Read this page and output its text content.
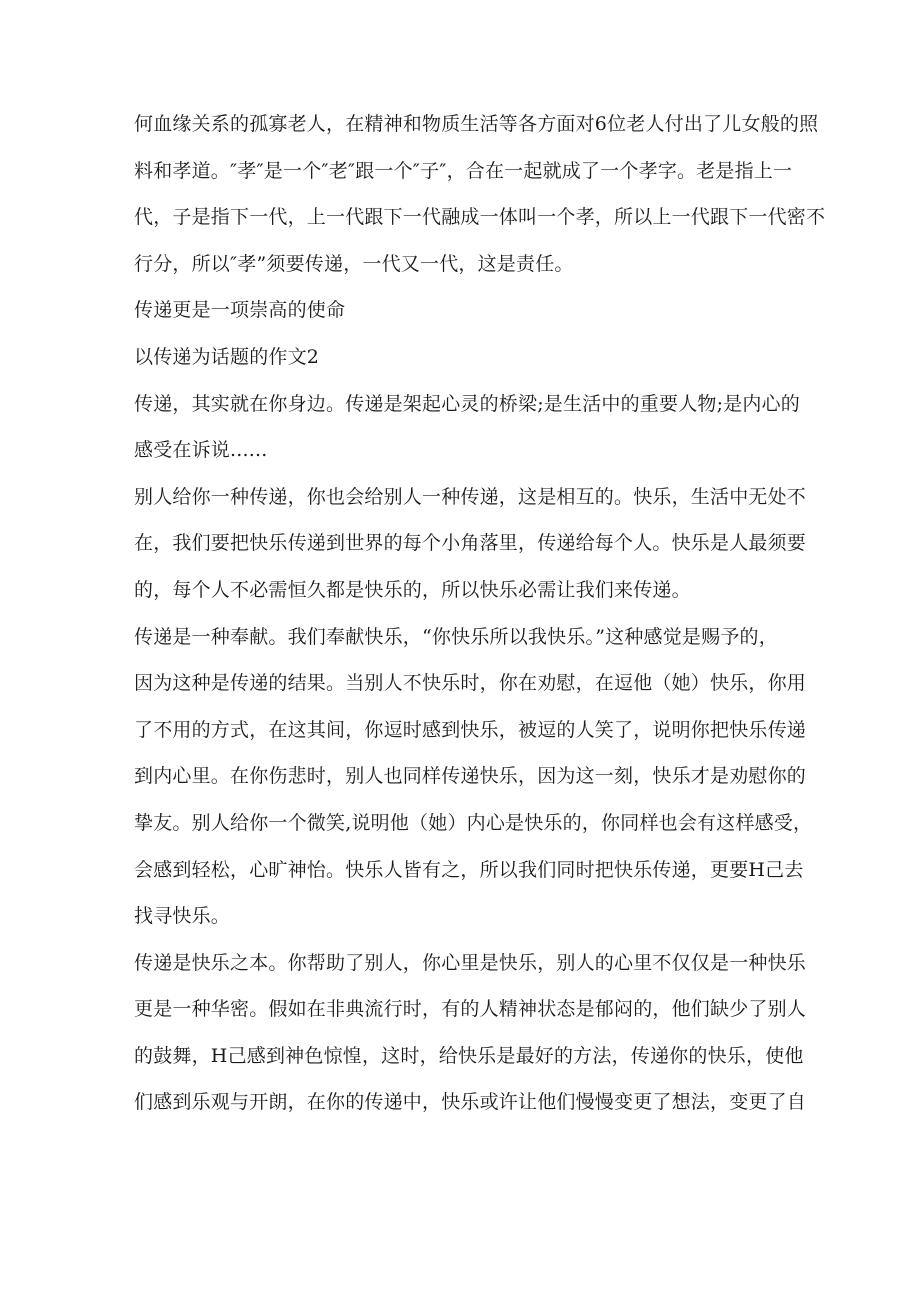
何血缘关系的孤寡老人，在精神和物质生活等各方面对6位老人付出了儿女般的照

料和孝道。″孝″是一个″老″跟一个″子″，合在一起就成了一个孝字。老是指上一

代，子是指下一代，上一代跟下一代融成一体叫一个孝，所以上一代跟下一代密不

行分，所以″孝”须要传递，一代又一代，这是责任。

传递更是一项崇高的使命

以传递为话题的作文2

传递，其实就在你身边。传递是架起心灵的桥梁;是生活中的重要人物;是内心的

感受在诉说......

别人给你一种传递，你也会给别人一种传递，这是相互的。快乐，生活中无处不

在，我们要把快乐传递到世界的每个小角落里，传递给每个人。快乐是人最须要

的，每个人不必需恒久都是快乐的，所以快乐必需让我们来传递。

传递是一种奉献。我们奉献快乐，“你快乐所以我快乐。”这种感觉是赐予的，

因为这种是传递的结果。当别人不快乐时，你在劝慰，在逗他（她）快乐，你用

了不用的方式，在这其间，你逗时感到快乐，被逗的人笑了，说明你把快乐传递

到内心里。在你伤悲时，别人也同样传递快乐，因为这一刻，快乐才是劝慰你的

挚友。别人给你一个微笑,说明他（她）内心是快乐的，你同样也会有这样感受，

会感到轻松，心旷神怡。快乐人皆有之，所以我们同时把快乐传递，更要H己去

找寻快乐。

传递是快乐之本。你帮助了别人，你心里是快乐，别人的心里不仅仅是一种快乐

更是一种华密。假如在非典流行时，有的人精神状态是郁闷的，他们缺少了别人

的鼓舞，H己感到神色惊惶，这时，给快乐是最好的方法，传递你的快乐，使他

们感到乐观与开朗，在你的传递中，快乐或许让他们慢慢变更了想法，变更了自
